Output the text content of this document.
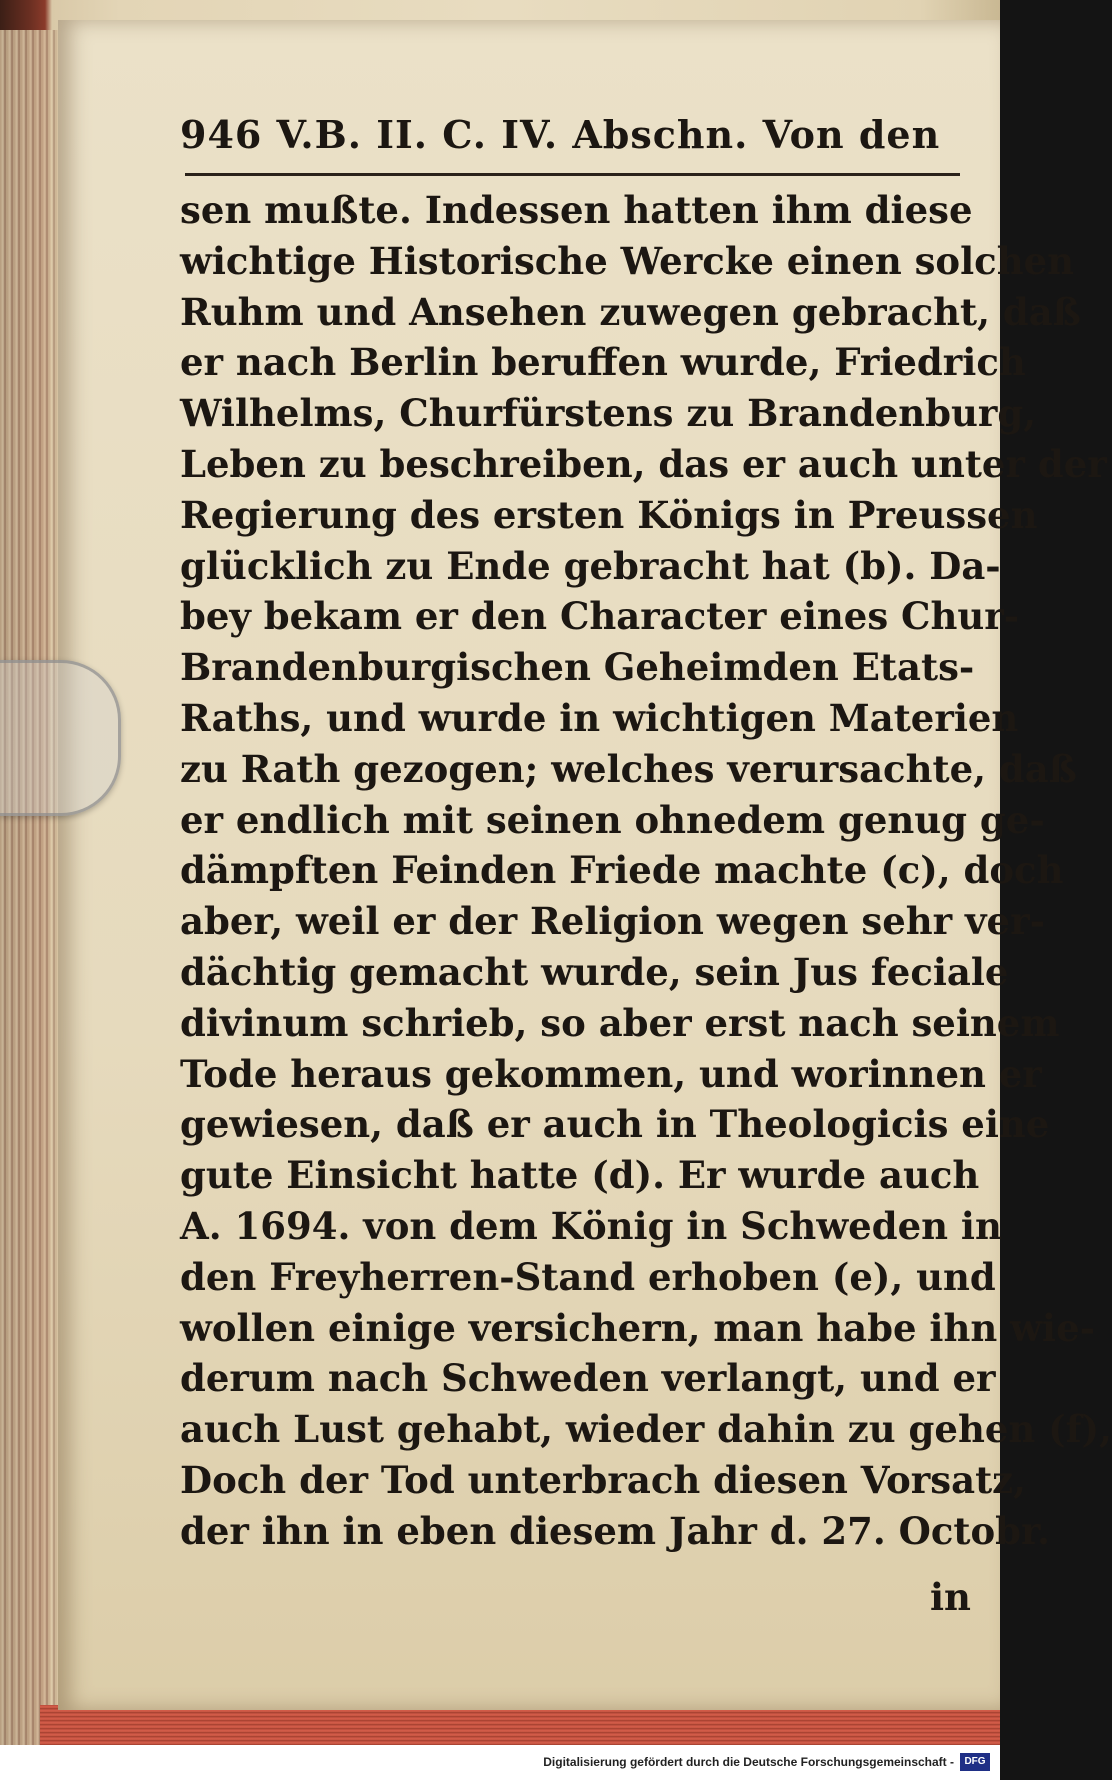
946 V.B. II. C. IV. Abschn. Von den
sen mußte. Indessen hatten ihm diese
wichtige Historische Wercke einen solchen
Ruhm und Ansehen zuwegen gebracht, daß
er nach Berlin beruffen wurde, Friedrich
Wilhelms, Churfürstens zu Brandenburg,
Leben zu beschreiben, das er auch unter der
Regierung des ersten Königs in Preussen
glücklich zu Ende gebracht hat (b). Da-
bey bekam er den Character eines Chur-
Brandenburgischen Geheimden Etats-
Raths, und wurde in wichtigen Materien
zu Rath gezogen; welches verursachte, daß
er endlich mit seinen ohnedem genug ge-
dämpften Feinden Friede machte (c), doch
aber, weil er der Religion wegen sehr ver-
dächtig gemacht wurde, sein Jus feciale
divinum schrieb, so aber erst nach seinem
Tode heraus gekommen, und worinnen er
gewiesen, daß er auch in Theologicis eine
gute Einsicht hatte (d). Er wurde auch
A. 1694. von dem König in Schweden in
den Freyherren-Stand erhoben (e), und
wollen einige versichern, man habe ihn wie-
derum nach Schweden verlangt, und er
auch Lust gehabt, wieder dahin zu gehen (f),
Doch der Tod unterbrach diesen Vorsatz,
der ihn in eben diesem Jahr d. 27. Octobr.
in
Digitalisierung gefördert durch die Deutsche Forschungsgemeinschaft -	DFG
